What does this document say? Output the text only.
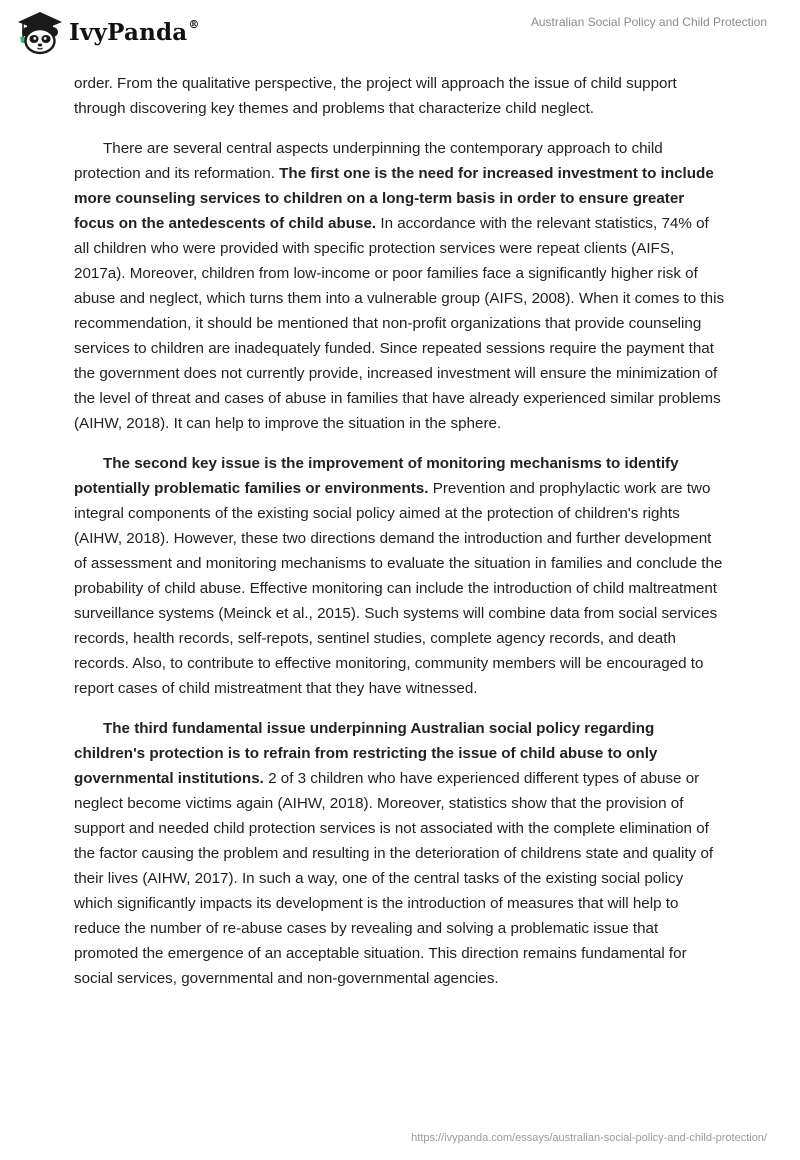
IvyPanda®	Australian Social Policy and Child Protection

order. From the qualitative perspective, the project will approach the issue of child support through discovering key themes and problems that characterize child neglect.

There are several central aspects underpinning the contemporary approach to child protection and its reformation. The first one is the need for increased investment to include more counseling services to children on a long-term basis in order to ensure greater focus on the antedescents of child abuse. In accordance with the relevant statistics, 74% of all children who were provided with specific protection services were repeat clients (AIFS, 2017a). Moreover, children from low-income or poor families face a significantly higher risk of abuse and neglect, which turns them into a vulnerable group (AIFS, 2008). When it comes to this recommendation, it should be mentioned that non-profit organizations that provide counseling services to children are inadequately funded. Since repeated sessions require the payment that the government does not currently provide, increased investment will ensure the minimization of the level of threat and cases of abuse in families that have already experienced similar problems (AIHW, 2018). It can help to improve the situation in the sphere.

The second key issue is the improvement of monitoring mechanisms to identify potentially problematic families or environments. Prevention and prophylactic work are two integral components of the existing social policy aimed at the protection of children's rights (AIHW, 2018). However, these two directions demand the introduction and further development of assessment and monitoring mechanisms to evaluate the situation in families and conclude the probability of child abuse. Effective monitoring can include the introduction of child maltreatment surveillance systems (Meinck et al., 2015). Such systems will combine data from social services records, health records, self-repots, sentinel studies, complete agency records, and death records. Also, to contribute to effective monitoring, community members will be encouraged to report cases of child mistreatment that they have witnessed.

The third fundamental issue underpinning Australian social policy regarding children's protection is to refrain from restricting the issue of child abuse to only governmental institutions. 2 of 3 children who have experienced different types of abuse or neglect become victims again (AIHW, 2018). Moreover, statistics show that the provision of support and needed child protection services is not associated with the complete elimination of the factor causing the problem and resulting in the deterioration of childrens state and quality of their lives (AIHW, 2017). In such a way, one of the central tasks of the existing social policy which significantly impacts its development is the introduction of measures that will help to reduce the number of re-abuse cases by revealing and solving a problematic issue that promoted the emergence of an acceptable situation. This direction remains fundamental for social services, governmental and non-governmental agencies.

https://ivypanda.com/essays/australian-social-policy-and-child-protection/
